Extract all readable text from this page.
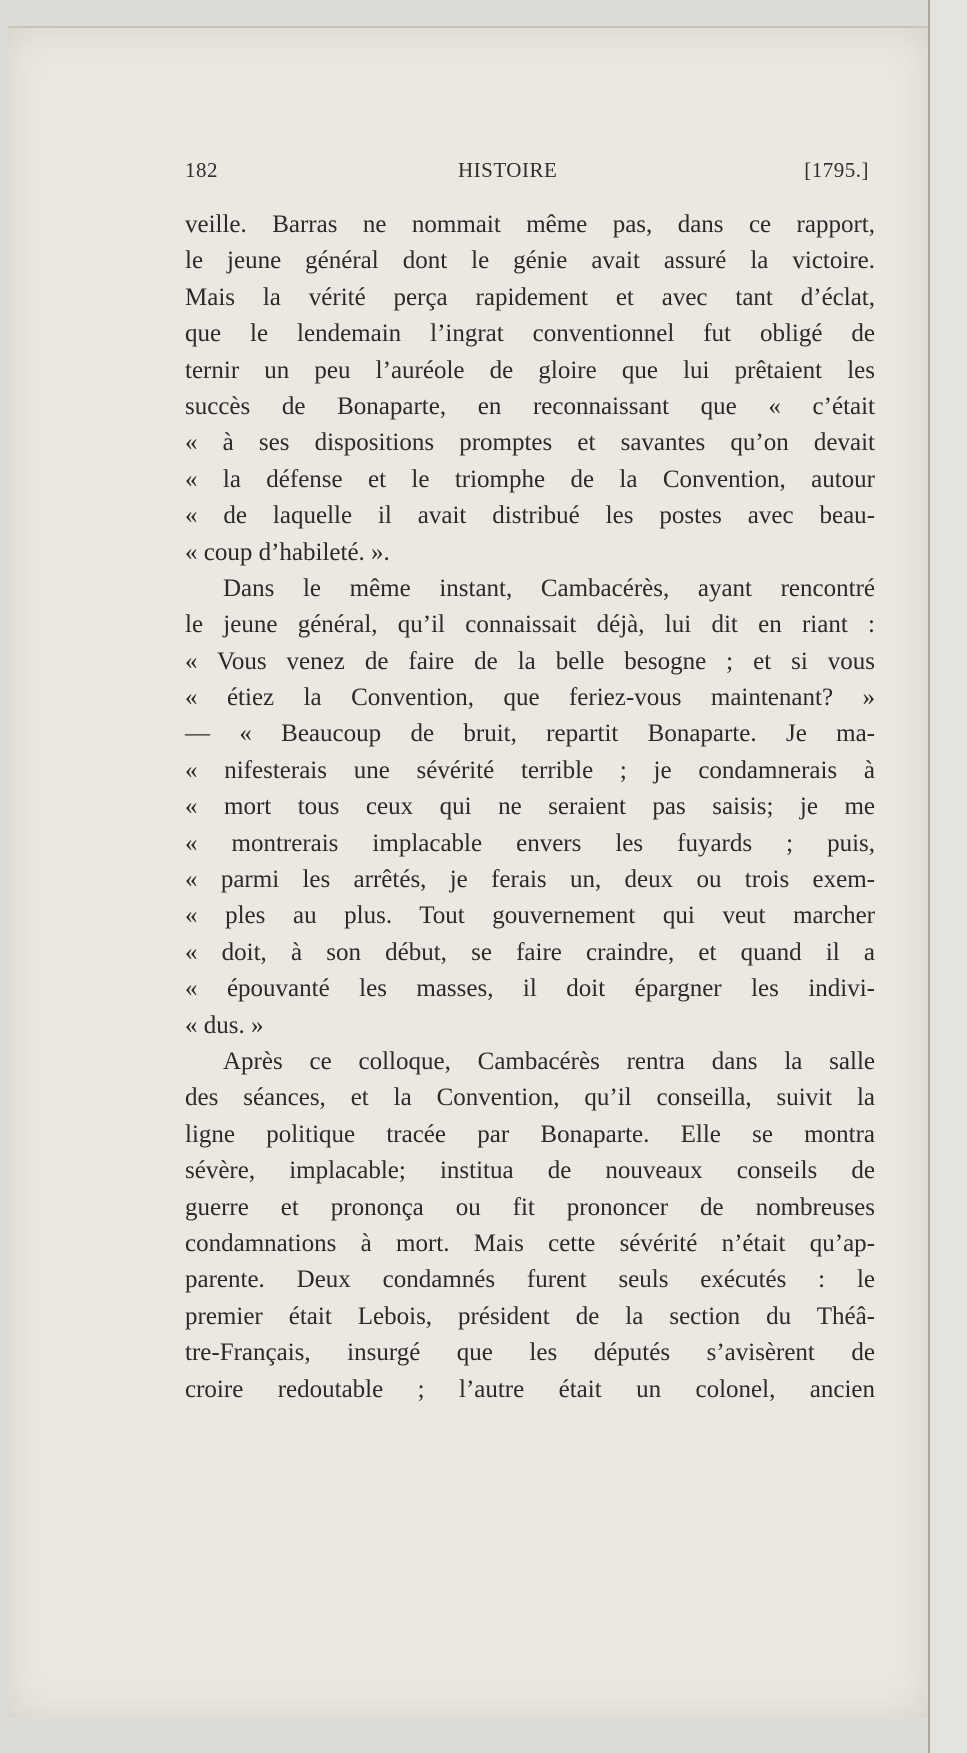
182	HISTOIRE	[1795.]
veille. Barras ne nommait même pas, dans ce rapport,
le jeune général dont le génie avait assuré la victoire.
Mais la vérité perça rapidement et avec tant d’éclat,
que le lendemain l’ingrat conventionnel fut obligé de
ternir un peu l’auréole de gloire que lui prêtaient les
succès de Bonaparte, en reconnaissant que « c’était
« à ses dispositions promptes et savantes qu’on devait
« la défense et le triomphe de la Convention, autour
« de laquelle il avait distribué les postes avec beau-
« coup d’habileté. ».
Dans le même instant, Cambacérès, ayant rencontré
le jeune général, qu’il connaissait déjà, lui dit en riant :
« Vous venez de faire de la belle besogne ; et si vous
« étiez la Convention, que feriez-vous maintenant? »
— « Beaucoup de bruit, repartit Bonaparte. Je ma-
« nifesterais une sévérité terrible ; je condamnerais à
« mort tous ceux qui ne seraient pas saisis; je me
« montrerais implacable envers les fuyards ; puis,
« parmi les arrêtés, je ferais un, deux ou trois exem-
« ples au plus. Tout gouvernement qui veut marcher
« doit, à son début, se faire craindre, et quand il a
« épouvanté les masses, il doit épargner les indivi-
« dus. »
Après ce colloque, Cambacérès rentra dans la salle
des séances, et la Convention, qu’il conseilla, suivit la
ligne politique tracée par Bonaparte. Elle se montra
sévère, implacable; institua de nouveaux conseils de
guerre et prononça ou fit prononcer de nombreuses
condamnations à mort. Mais cette sévérité n’était qu’ap-
parente. Deux condamnés furent seuls exécutés : le
premier était Lebois, président de la section du Théâ-
tre-Français, insurgé que les députés s’avisèrent de
croire redoutable ; l’autre était un colonel, ancien
